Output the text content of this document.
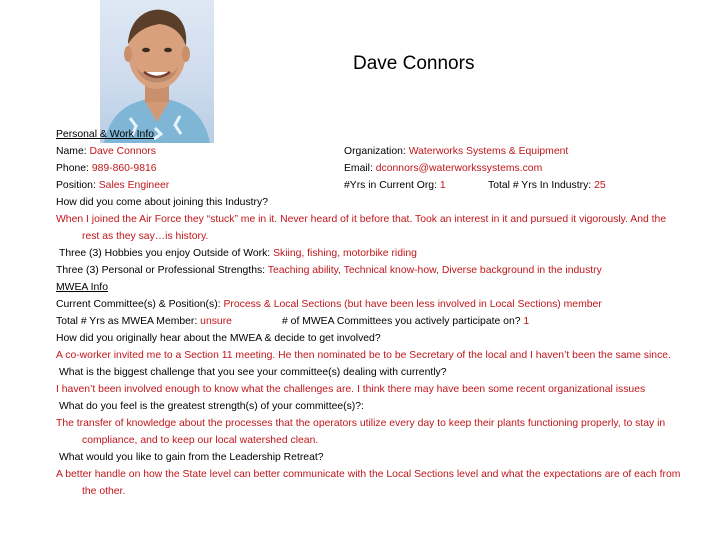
Dave Connors
Personal & Work Info
Name: Dave Connors	Organization: Waterworks Systems & Equipment
Phone: 989-860-9816	Email: dconnors@waterworkssystems.com
Position: Sales Engineer	#Yrs in Current Org: 1	Total # Yrs In Industry: 25
How did you come about joining this Industry?
When I joined the Air Force they “stuck” me in it. Never heard of it before that. Took an interest in it and pursued it vigorously. And the rest as they say…is history.
Three (3) Hobbies you enjoy Outside of Work: Skiing, fishing, motorbike riding
Three (3) Personal or Professional Strengths: Teaching ability, Technical know-how, Diverse background in the industry
MWEA Info
Current Committee(s) & Position(s): Process & Local Sections (but have been less involved in Local Sections) member
Total # Yrs as MWEA Member: unsure	# of MWEA Committees you actively participate on? 1
How did you originally hear about the MWEA & decide to get involved?
A co-worker invited me to a Section 11 meeting. He then nominated be to be Secretary of the local and I haven’t been the same since.
What is the biggest challenge that you see your committee(s) dealing with currently?
I haven’t been involved enough to know what the challenges are. I think there may have been some recent organizational issues
What do you feel is the greatest strength(s) of your committee(s)?:
The transfer of knowledge about the processes that the operators utilize every day to keep their plants functioning properly, to stay in compliance, and to keep our local watershed clean.
What would you like to gain from the Leadership Retreat?
A better handle on how the State level can better communicate with the Local Sections level and what the expectations are of each from the other.
